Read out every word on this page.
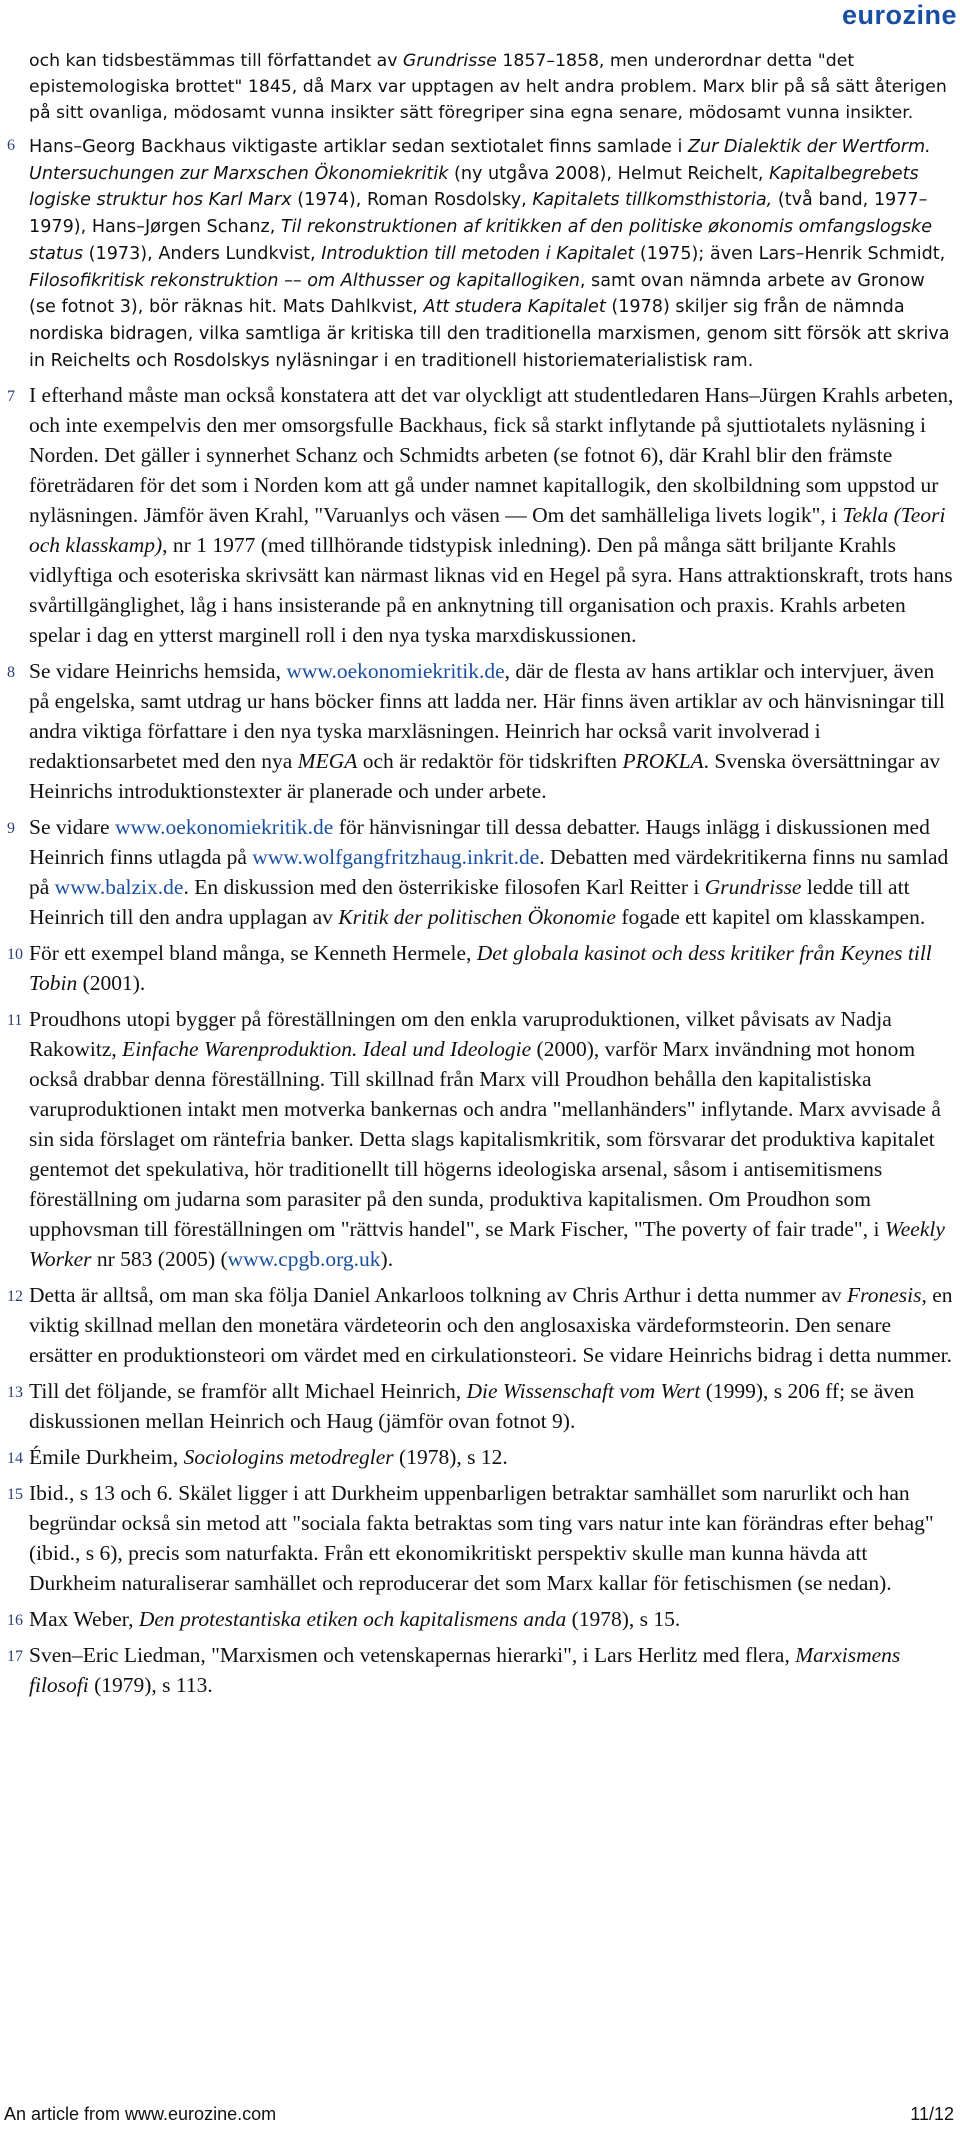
eurozine

och kan tidsbestämmas till författandet av Grundrisse 1857–1858, men underordnar detta "det epistemologiska brottet" 1845, då Marx var upptagen av helt andra problem. Marx blir på så sätt återigen på sitt ovanliga, mödosamt vunna insikter sätt föregriper sina egna senare, mödosamt vunna insikter.

6 Hans–Georg Backhaus viktigaste artiklar sedan sextiotalet finns samlade i Zur Dialektik der Wertform. Untersuchungen zur Marxschen Ökonomiekritik (ny utgåva 2008), Helmut Reichelt, Kapitalbegrebets logiske struktur hos Karl Marx (1974), Roman Rosdolsky, Kapitalets tillkomsthistoria, (två band, 1977–1979), Hans–Jørgen Schanz, Til rekonstruktionen af kritikken af den politiske økonomis omfangslogske status (1973), Anders Lundkvist, Introduktion till metoden i Kapitalet (1975); även Lars–Henrik Schmidt, Filosofikritisk rekonstruktion –– om Althusser og kapitallogiken, samt ovan nämnda arbete av Gronow (se fotnot 3), bör räknas hit. Mats Dahlkvist, Att studera Kapitalet (1978) skiljer sig från de nämnda nordiska bidragen, vilka samtliga är kritiska till den traditionella marxismen, genom sitt försök att skriva in Reichelts och Rosdolskys nyläsningar i en traditionell historiematerialistisk ram.

7 I efterhand måste man också konstatera att det var olyckligt att studentledaren Hans–Jürgen Krahls arbeten, och inte exempelvis den mer omsorgsfulle Backhaus, fick så starkt inflytande på sjuttiotalets nyläsning i Norden. Det gäller i synnerhet Schanz och Schmidts arbeten (se fotnot 6), där Krahl blir den främste företrädaren för det som i Norden kom att gå under namnet kapitallogik, den skolbildning som uppstod ur nyläsningen. Jämför även Krahl, "Varuanlys och väsen –– Om det samhälleliga livets logik", i Tekla (Teori och klasskamp), nr 1 1977 (med tillhörande tidstypisk inledning). Den på många sätt briljante Krahls vidlyftiga och esoteriska skrivsätt kan närmast liknas vid en Hegel på syra. Hans attraktionskraft, trots hans svårtillgänglighet, låg i hans insisterande på en anknytning till organisation och praxis. Krahls arbeten spelar i dag en ytterst marginell roll i den nya tyska marxdiskussionen.

8 Se vidare Heinrichs hemsida, www.oekonomiekritik.de, där de flesta av hans artiklar och intervjuer, även på engelska, samt utdrag ur hans böcker finns att ladda ner. Här finns även artiklar av och hänvisningar till andra viktiga författare i den nya tyska marxläsningen. Heinrich har också varit involverad i redaktionsarbetet med den nya MEGA och är redaktör för tidskriften PROKLA. Svenska översättningar av Heinrichs introduktionstexter är planerade och under arbete.

9 Se vidare www.oekonomiekritik.de för hänvisningar till dessa debatter. Haugs inlägg i diskussionen med Heinrich finns utlagda på www.wolfgangfritzhaug.inkrit.de. Debatten med värdekritikerna finns nu samlad på www.balzix.de. En diskussion med den österrikiske filosofen Karl Reitter i Grundrisse ledde till att Heinrich till den andra upplagan av Kritik der politischen Ökonomie fogade ett kapitel om klasskampen.

10 För ett exempel bland många, se Kenneth Hermele, Det globala kasinot och dess kritiker från Keynes till Tobin (2001).

11 Proudhons utopi bygger på föreställningen om den enkla varuproduktionen, vilket påvisats av Nadja Rakowitz, Einfache Warenproduktion. Ideal und Ideologie (2000), varför Marx invändning mot honom också drabbar denna föreställning. Till skillnad från Marx vill Proudhon behålla den kapitalistiska varuproduktionen intakt men motverka bankernas och andra "mellanhänders" inflytande. Marx avvisade å sin sida förslaget om räntefria banker. Detta slags kapitalismkritik, som försvarar det produktiva kapitalet gentemot det spekulativa, hör traditionellt till högerns ideologiska arsenal, såsom i antisemitismens föreställning om judarna som parasiter på den sunda, produktiva kapitalismen. Om Proudhon som upphovsman till föreställningen om "rättvis handel", se Mark Fischer, "The poverty of fair trade", i Weekly Worker nr 583 (2005) (www.cpgb.org.uk).

12 Detta är alltså, om man ska följa Daniel Ankarloos tolkning av Chris Arthur i detta nummer av Fronesis, en viktig skillnad mellan den monetära värdeteorin och den anglosaxiska värdeformsteorin. Den senare ersätter en produktionsteori om värdet med en cirkulationsteori. Se vidare Heinrichs bidrag i detta nummer.

13 Till det följande, se framför allt Michael Heinrich, Die Wissenschaft vom Wert (1999), s 206 ff; se även diskussionen mellan Heinrich och Haug (jämför ovan fotnot 9).

14 Émile Durkheim, Sociologins metodregler (1978), s 12.

15 Ibid., s 13 och 6. Skälet ligger i att Durkheim uppenbarligen betraktar samhället som narurlikt och han begründar också sin metod att "sociala fakta betraktas som ting vars natur inte kan förändras efter behag" (ibid., s 6), precis som naturfakta. Från ett ekonomikritiskt perspektiv skulle man kunna hävda att Durkheim naturaliserar samhället och reproducerar det som Marx kallar för fetischismen (se nedan).

16 Max Weber, Den protestantiska etiken och kapitalismens anda (1978), s 15.

17 Sven–Eric Liedman, "Marxismen och vetenskapernas hierarki", i Lars Herlitz med flera, Marxismens filosofi (1979), s 113.

An article from www.eurozine.com	11/12
